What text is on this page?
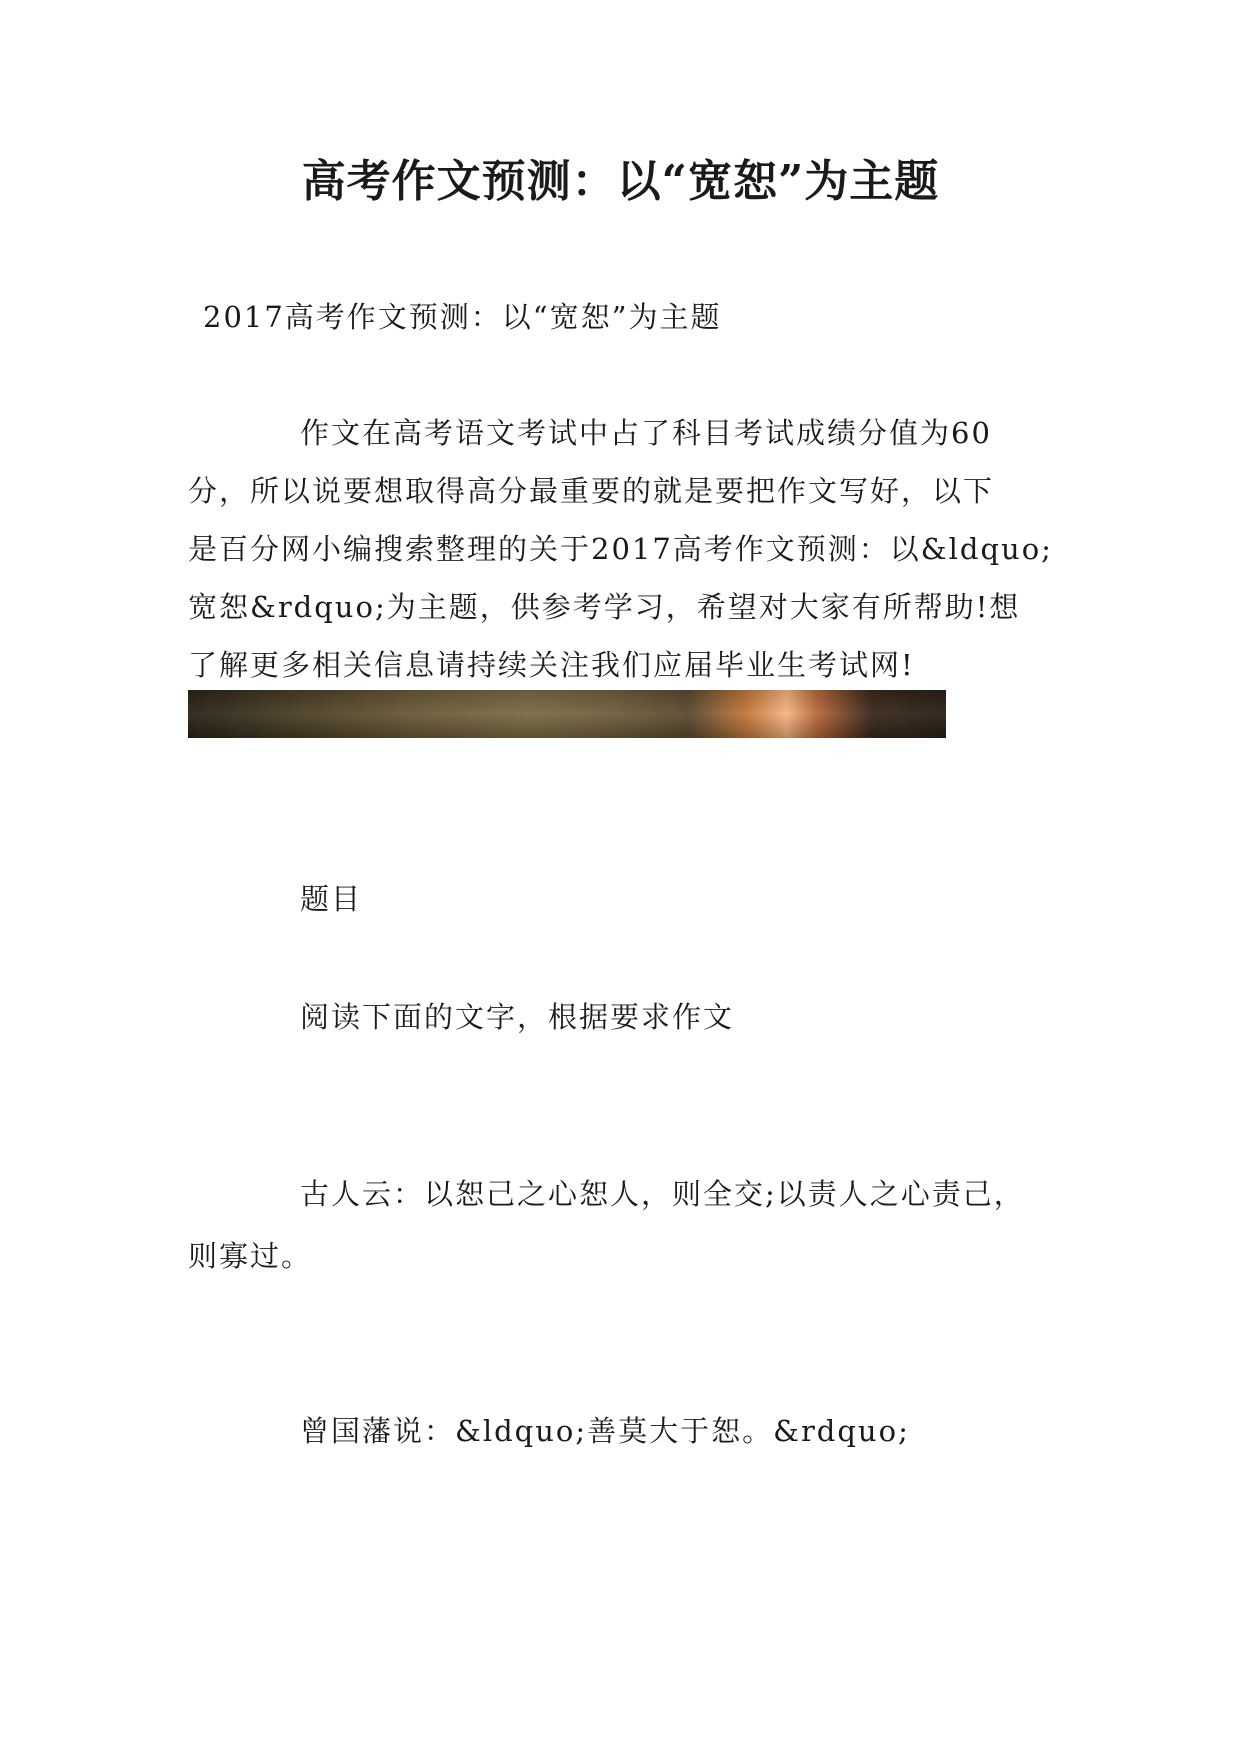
高考作文预测：以“宽恕”为主题
2017高考作文预测：以“宽恕”为主题
作文在高考语文考试中占了科目考试成绩分值为60
分，所以说要想取得高分最重要的就是要把作文写好，以下
是百分网小编搜索整理的关于2017高考作文预测：以&ldquo;
宽恕&rdquo;为主题，供参考学习，希望对大家有所帮助!想
了解更多相关信息请持续关注我们应届毕业生考试网!
题目
阅读下面的文字，根据要求作文
古人云：以恕己之心恕人，则全交;以责人之心责己，
则寡过。
曾国藩说：&ldquo;善莫大于恕。&rdquo;
